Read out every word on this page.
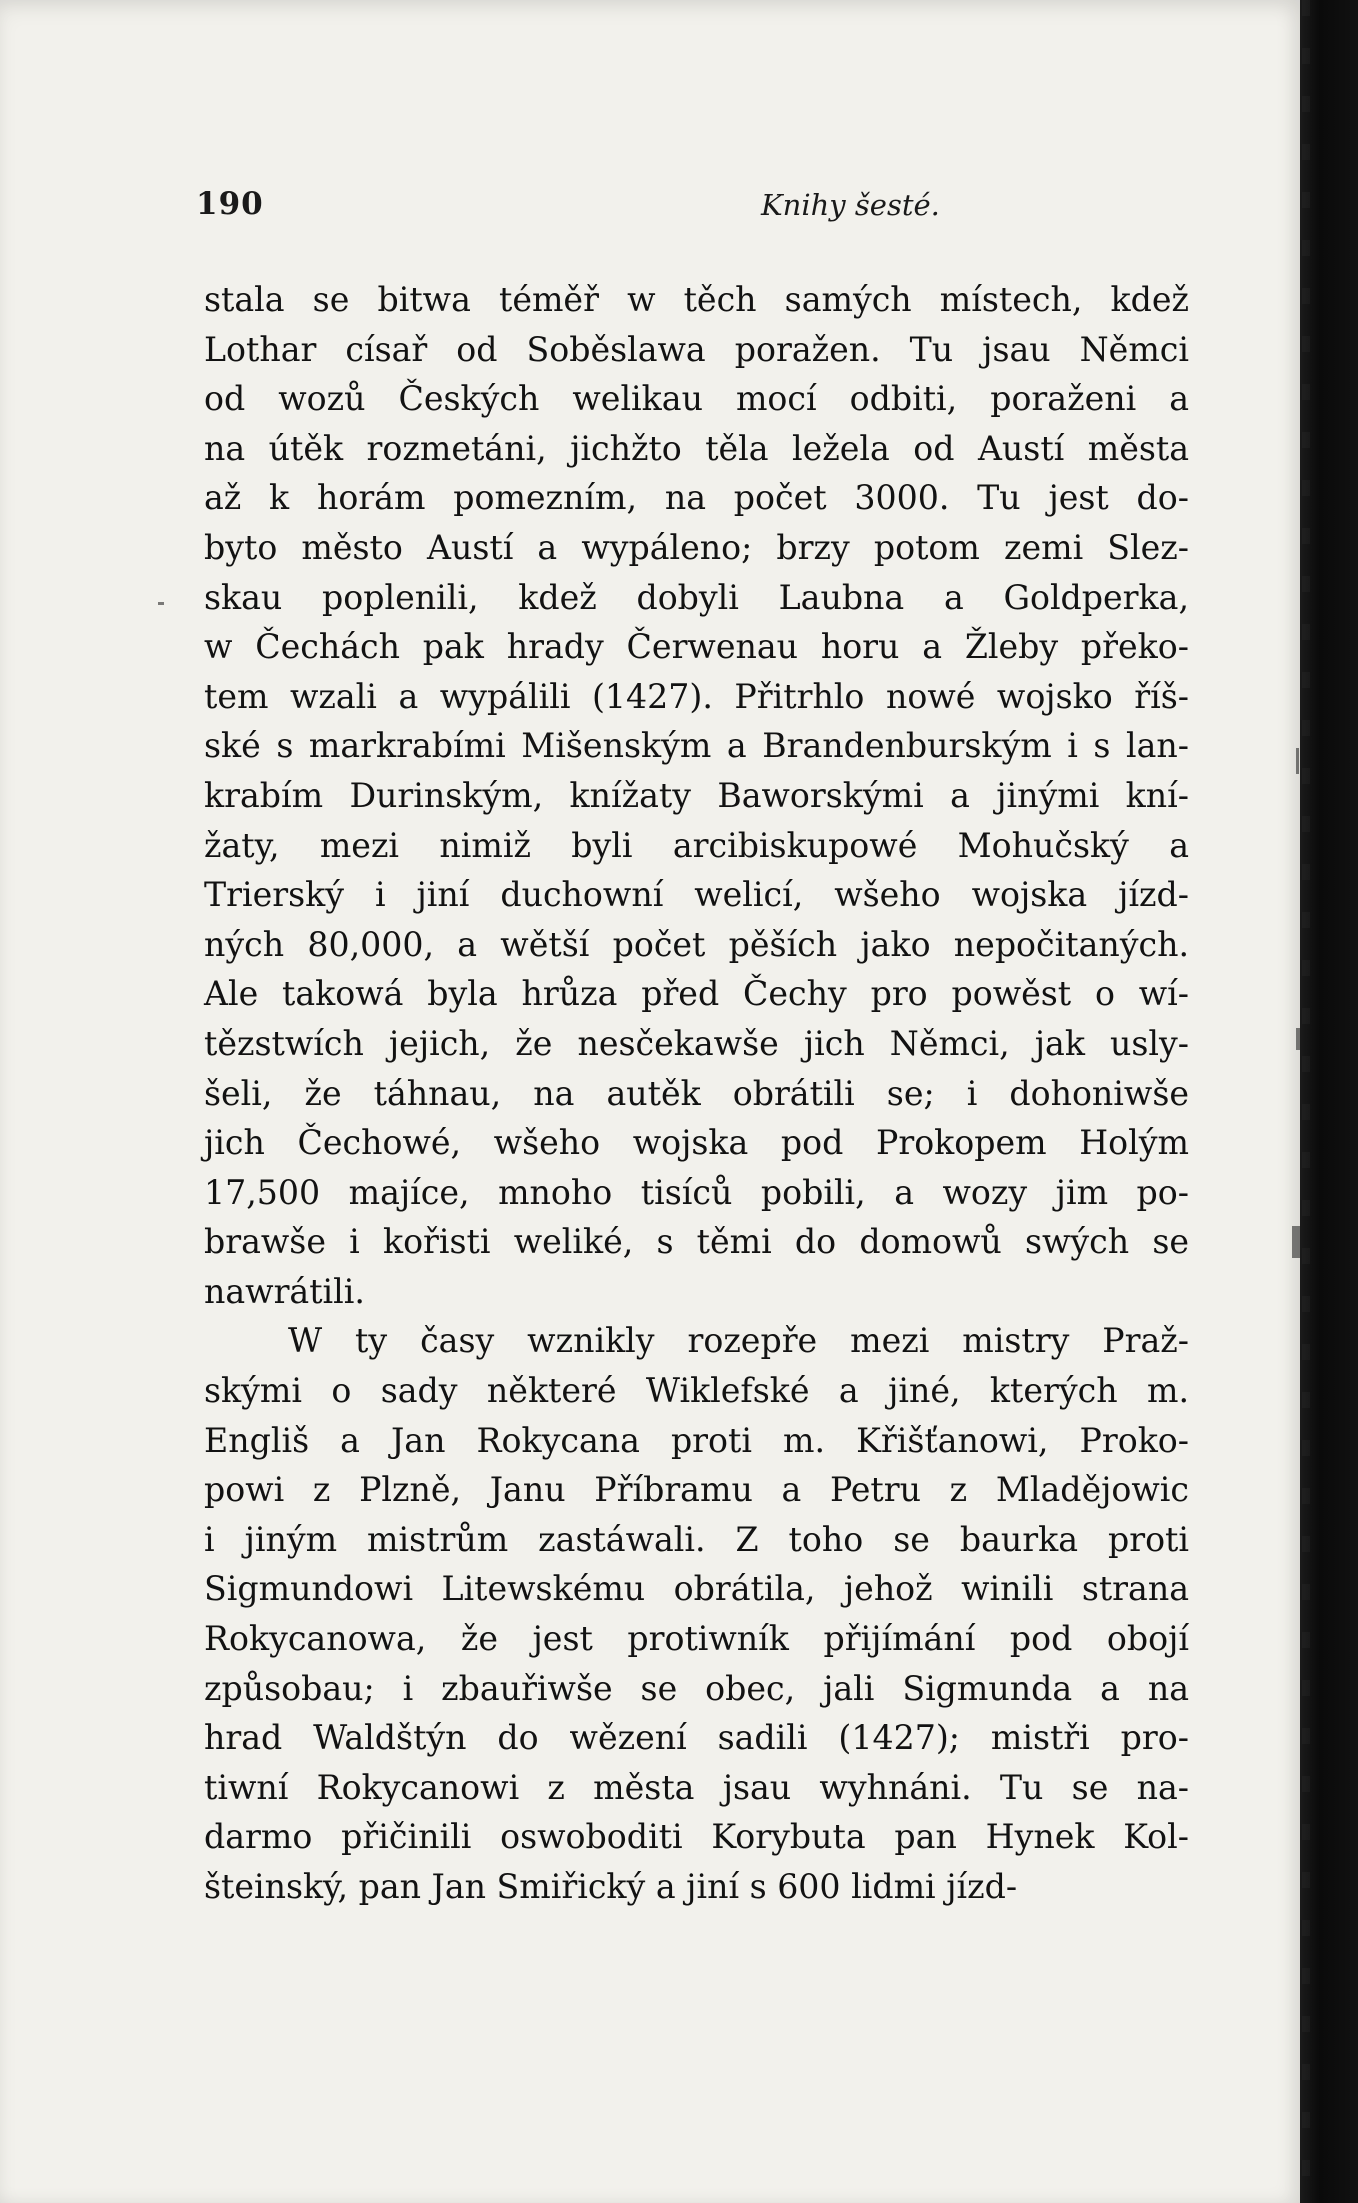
190	Knihy šesté.
stala se bitwa téměř w těch samých místech, kdež
Lothar císař od Soběslawa poražen. Tu jsau Němci
od wozů Českých welikau mocí odbiti, poraženi a
na útěk rozmetáni, jichžto těla ležela od Austí města
až k horám pomezním, na počet 3000. Tu jest do-
byto město Austí a wypáleno; brzy potom zemi Slez-
skau poplenili, kdež dobyli Laubna a Goldperka,
w Čechách pak hrady Čerwenau horu a Žleby překo-
tem wzali a wypálili (1427). Přitrhlo nowé wojsko říš-
ské s markrabími Mišenským a Brandenburským i s lan-
krabím Durinským, knížaty Baworskými a jinými kní-
žaty, mezi nimiž byli arcibiskupowé Mohučský a
Trierský i jiní duchowní welicí, wšeho wojska jízd-
ných 80,000, a wětší počet pěších jako nepočitaných.
Ale takowá byla hrůza před Čechy pro powěst o wí-
tězstwích jejich, že nesčekawše jich Němci, jak usly-
šeli, že táhnau, na autěk obrátili se; i dohoniwše
jich Čechowé, wšeho wojska pod Prokopem Holým
17,500 majíce, mnoho tisíců pobili, a wozy jim po-
brawše i kořisti weliké, s těmi do domowů swých se
nawrátili.
W ty časy wznikly rozepře mezi mistry Praž-
skými o sady některé Wiklefské a jiné, kterých m.
Engliš a Jan Rokycana proti m. Křišťanowi, Proko-
powi z Plzně, Janu Příbramu a Petru z Mladějowic
i jiným mistrům zastáwali. Z toho se baurka proti
Sigmundowi Litewskému obrátila, jehož winili strana
Rokycanowa, že jest protiwník přijímání pod obojí
způsobau; i zbauřiwše se obec, jali Sigmunda a na
hrad Waldštýn do wězení sadili (1427); mistři pro-
tiwní Rokycanowi z města jsau wyhnáni. Tu se na-
darmo přičinili oswoboditi Korybuta pan Hynek Kol-
šteinský, pan Jan Smiřický a jiní s 600 lidmi jízd-
